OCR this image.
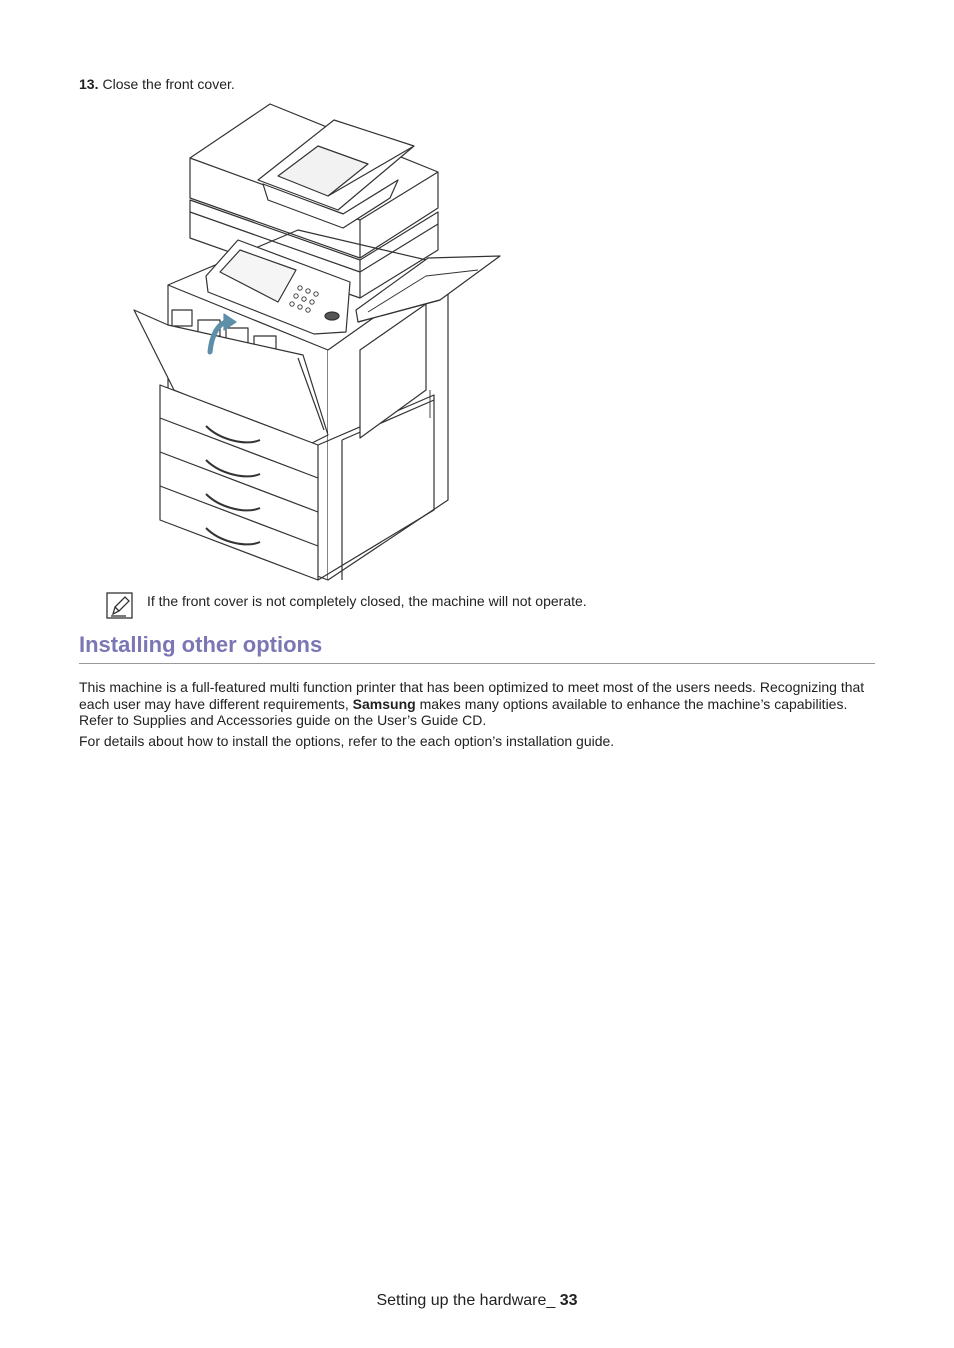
13. Close the front cover.
If the front cover is not completely closed, the machine will not operate.
Installing other options

This machine is a full-featured multi function printer that has been optimized to meet most of the users needs. Recognizing that each user may have different requirements, Samsung makes many options available to enhance the machine’s capabilities. Refer to Supplies and Accessories guide on the User’s Guide CD.

For details about how to install the options, refer to the each option’s installation guide.

Setting up the hardware_ 33
